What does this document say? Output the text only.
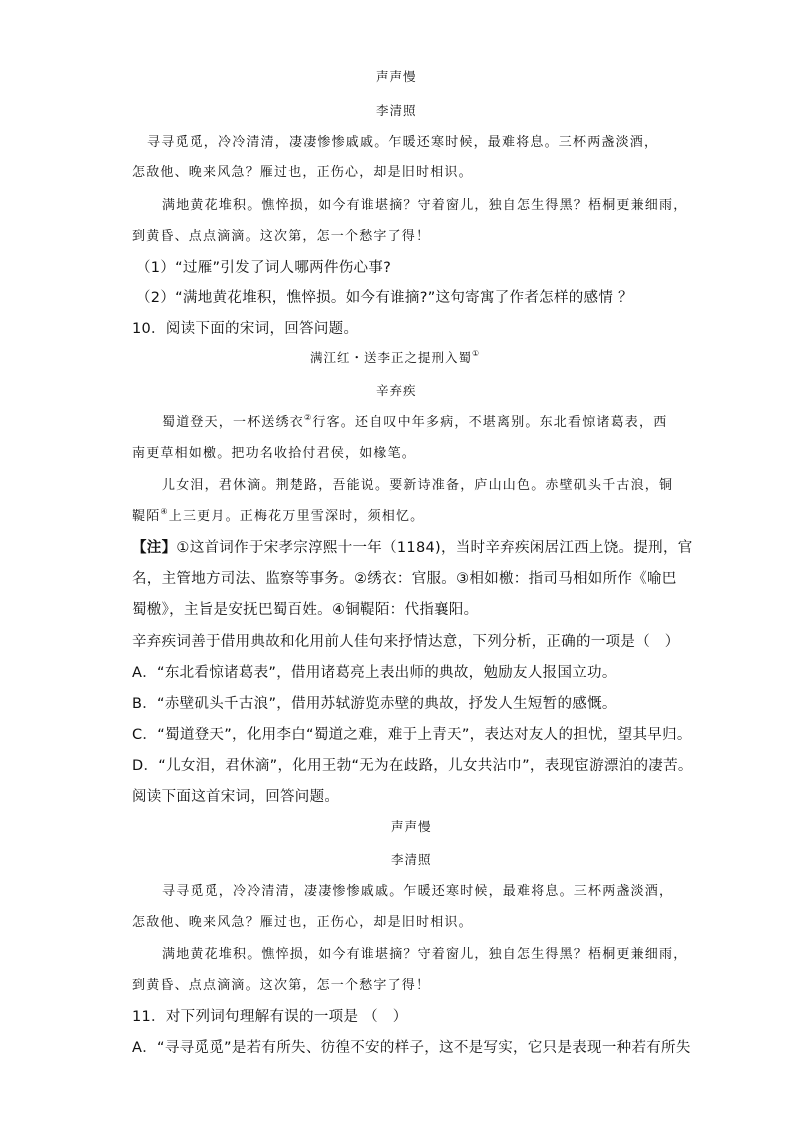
声声慢
李清照
寻寻觅觅，冷冷清清，凄凄惨惨戚戚。乍暖还寒时候，最难将息。三杯两盏淡酒，
怎敌他、晚来风急？雁过也，正伤心，却是旧时相识。
满地黄花堆积。憔悴损，如今有谁堪摘？守着窗儿，独自怎生得黑？梧桐更兼细雨，
到黄昏、点点滴滴。这次第，怎一个愁字了得！
（1）“过雁”引发了词人哪两件伤心事?
（2）“满地黄花堆积，憔悴损。如今有谁摘?”这句寄寓了作者怎样的感情 ？
10．阅读下面的宋词，回答问题。
满江红・送李正之提刑入蜀①
辛弃疾
蜀道登天，一杯送绣衣②行客。还自叹中年多病，不堪离别。东北看惊诸葛表，西
南更草相如檄。把功名收拾付君侯，如椽笔。
儿女泪，君休滴。荆楚路，吾能说。要新诗准备，庐山山色。赤壁矶头千古浪，铜
鞮陌④上三更月。正梅花万里雪深时，须相忆。
【注】①这首词作于宋孝宗淳熙十一年（1184)，当时辛弃疾闲居江西上饶。提刑，官
名，主管地方司法、监察等事务。②绣衣：官服。③相如檄：指司马相如所作《喻巴
蜀檄》，主旨是安抚巴蜀百姓。④铜鞮陌：代指襄阳。
辛弃疾词善于借用典故和化用前人佳句来抒情达意，下列分析，正确的一项是（　）
A．“东北看惊诸葛表”，借用诸葛亮上表出师的典故，勉励友人报国立功。
B．“赤壁矶头千古浪”，借用苏轼游览赤壁的典故，抒发人生短暂的感慨。
C．“蜀道登天”，化用李白“蜀道之难，难于上青天”，表达对友人的担忧，望其早归。
D．“儿女泪，君休滴”，化用王勃“无为在歧路，儿女共沾巾”，表现宦游漂泊的凄苦。
阅读下面这首宋词，回答问题。
声声慢
李清照
寻寻觅觅，冷冷清清，凄凄惨惨戚戚。乍暖还寒时候，最难将息。三杯两盏淡酒，
怎敌他、晚来风急？雁过也，正伤心，却是旧时相识。
满地黄花堆积。憔悴损，如今有谁堪摘？守着窗儿，独自怎生得黑？梧桐更兼细雨，
到黄昏、点点滴滴。这次第，怎一个愁字了得！
11．对下列词句理解有误的一项是 （　）
A．“寻寻觅觅”是若有所失、彷徨不安的样子，这不是写实，它只是表现一种若有所失
